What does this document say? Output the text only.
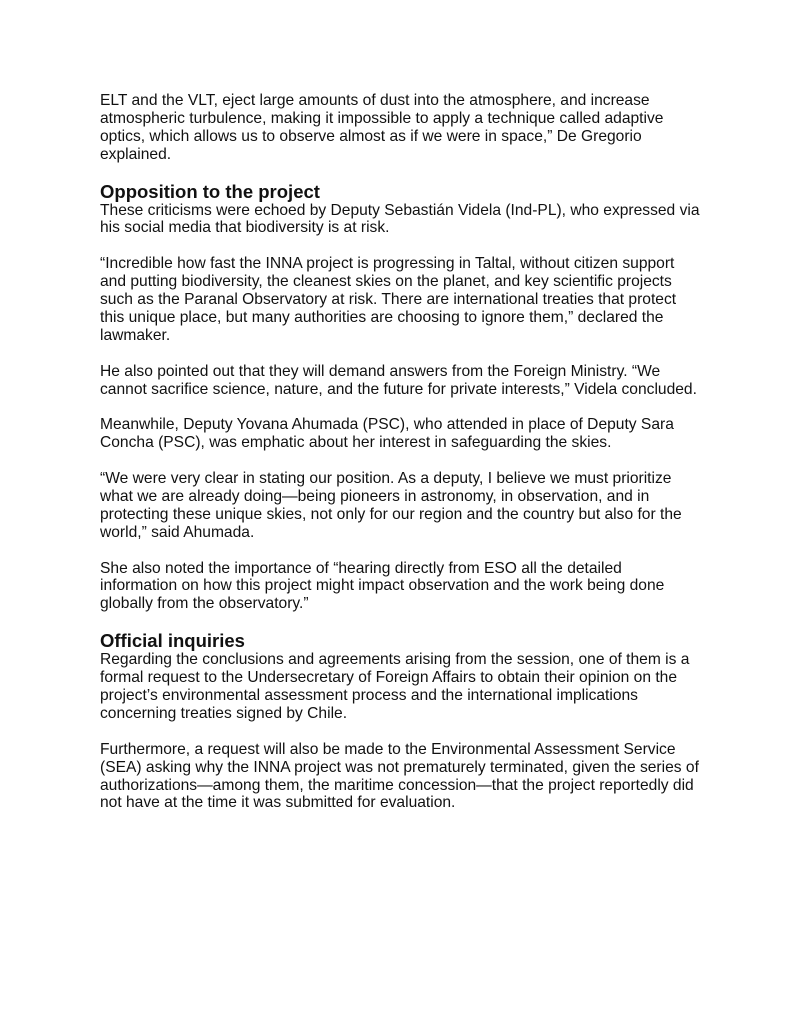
ELT and the VLT, eject large amounts of dust into the atmosphere, and increase atmospheric turbulence, making it impossible to apply a technique called adaptive optics, which allows us to observe almost as if we were in space,” De Gregorio explained.

Opposition to the project

These criticisms were echoed by Deputy Sebastián Videla (Ind-PL), who expressed via his social media that biodiversity is at risk.

“Incredible how fast the INNA project is progressing in Taltal, without citizen support and putting biodiversity, the cleanest skies on the planet, and key scientific projects such as the Paranal Observatory at risk. There are international treaties that protect this unique place, but many authorities are choosing to ignore them,” declared the lawmaker.

He also pointed out that they will demand answers from the Foreign Ministry. “We cannot sacrifice science, nature, and the future for private interests,” Videla concluded.

Meanwhile, Deputy Yovana Ahumada (PSC), who attended in place of Deputy Sara Concha (PSC), was emphatic about her interest in safeguarding the skies.

“We were very clear in stating our position. As a deputy, I believe we must prioritize what we are already doing—being pioneers in astronomy, in observation, and in protecting these unique skies, not only for our region and the country but also for the world,” said Ahumada.

She also noted the importance of “hearing directly from ESO all the detailed information on how this project might impact observation and the work being done globally from the observatory.”

Official inquiries

Regarding the conclusions and agreements arising from the session, one of them is a formal request to the Undersecretary of Foreign Affairs to obtain their opinion on the project’s environmental assessment process and the international implications concerning treaties signed by Chile.

Furthermore, a request will also be made to the Environmental Assessment Service (SEA) asking why the INNA project was not prematurely terminated, given the series of authorizations—among them, the maritime concession—that the project reportedly did not have at the time it was submitted for evaluation.
